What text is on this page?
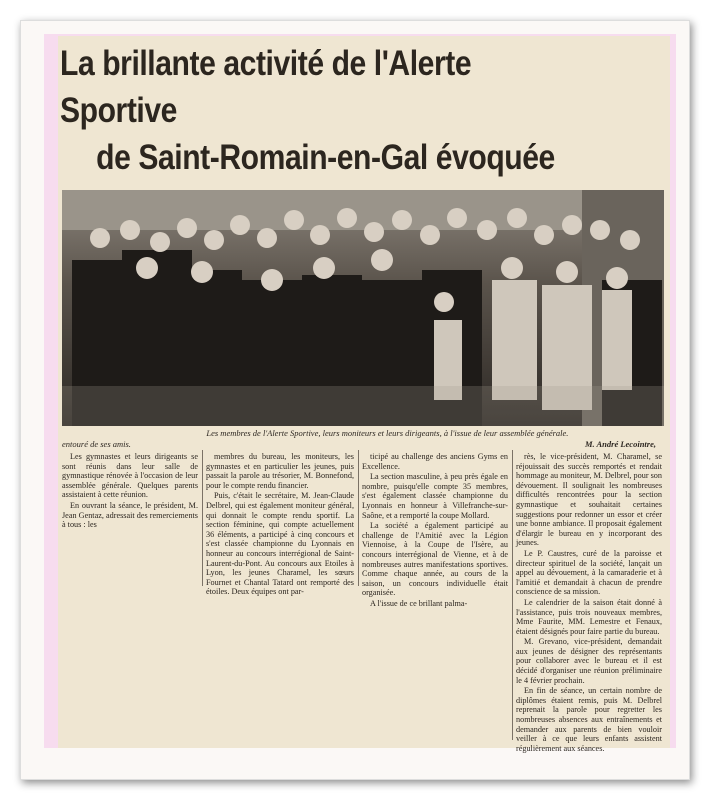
La brillante activité de l'Alerte Sportive
de Saint-Romain-en-Gal évoquée
Les membres de l'Alerte Sportive, leurs moniteurs et
entouré de ses amis.
leurs dirigeants, à l'issue de leur assemblée générale.
M. André Lecointre,

Les gymnastes et leurs dirigeants se sont réunis dans leur salle de gymnastique rénovée à l'occasion de leur assemblée générale. Quelques parents assistaient à cette réunion.

En ouvrant la séance, le président, M. Jean Gentaz, adressait des remerciements à tous : les

membres du bureau, les moniteurs, les gymnastes et en particulier les jeunes, puis passait la parole au trésorier, M. Bonnefond, pour le compte rendu financier.

Puis, c'était le secrétaire, M. Jean-Claude Delbrel, qui est également moniteur général, qui donnait le compte rendu sportif. La section féminine, qui compte actuellement 36 éléments, a participé à cinq concours et s'est classée championne du Lyonnais en honneur au concours interrégional de Saint-Laurent-du-Pont. Au concours aux Etoiles à Lyon, les jeunes Charamel, les sœurs Fournet et Chantal Tatard ont remporté des étoiles. Deux équipes ont par-

ticipé au challenge des anciens Gyms en Excellence.

La section masculine, à peu près égale en nombre, puisqu'elle compte 35 membres, s'est également classée championne du Lyonnais en honneur à Villefranche-sur-Saône, et a remporté la coupe Mollard.

La société a également participé au challenge de l'Amitié avec la Légion Viennoise, à la Coupe de l'Isère, au concours interrégional de Vienne, et à de nombreuses autres manifestations sportives. Comme chaque année, au cours de la saison, un concours individuelle était organisée.

A l'issue de ce brillant palma-

rès, le vice-président, M. Charamel, se réjouissait des succès remportés et rendait hommage au moniteur, M. Delbrel, pour son dévouement. Il soulignait les nombreuses difficultés rencontrées pour la section gymnastique et souhaitait certaines suggestions pour redonner un essor et créer une bonne ambiance. Il proposait également d'élargir le bureau en y incorporant des jeunes.

Le P. Caustres, curé de la paroisse et directeur spirituel de la société, lançait un appel au dévouement, à la camaraderie et à l'amitié et demandait à chacun de prendre conscience de sa mission.

Le calendrier de la saison était donné à l'assistance, puis trois nouveaux membres, Mme Faurite, MM. Lemestre et Fenaux, étaient désignés pour faire partie du bureau.

M. Grevano, vice-président, demandait aux jeunes de désigner des représentants pour collaborer avec le bureau et il est décidé d'organiser une réunion préliminaire le 4 février prochain.

En fin de séance, un certain nombre de diplômes étaient remis, puis M. Delbrel reprenait la parole pour regretter les nombreuses absences aux entraînements et demander aux parents de bien vouloir veiller à ce que leurs enfants assistent régulièrement aux séances.
